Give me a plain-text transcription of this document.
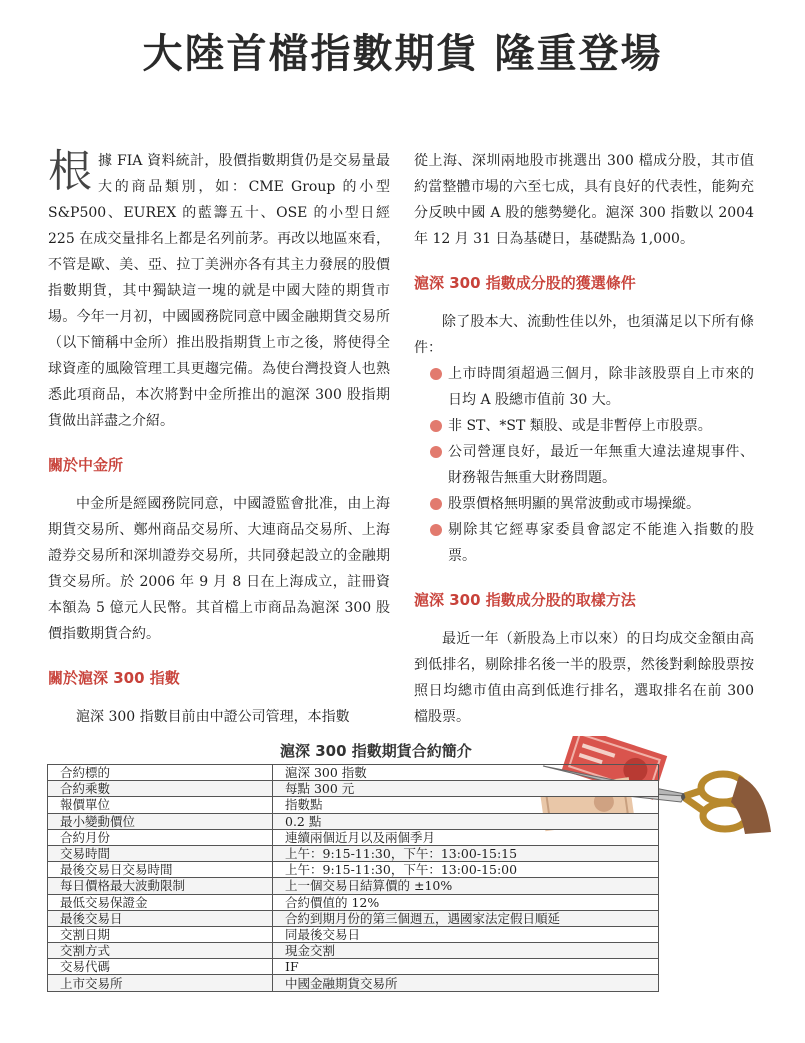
大陸首檔指數期貨 隆重登場

根據 FIA 資料統計，股價指數期貨仍是交易量最大的商品類別，如：CME Group 的小型 S&P500、EUREX 的藍籌五十、OSE 的小型日經 225 在成交量排名上都是名列前茅。再改以地區來看，不管是歐、美、亞、拉丁美洲亦各有其主力發展的股價指數期貨，其中獨缺這一塊的就是中國大陸的期貨市場。今年一月初，中國國務院同意中國金融期貨交易所（以下簡稱中金所）推出股指期貨上市之後，將使得全球資產的風險管理工具更趨完備。為使台灣投資人也熟悉此項商品，本次將對中金所推出的滬深 300 股指期貨做出詳盡之介紹。

關於中金所

中金所是經國務院同意，中國證監會批准，由上海期貨交易所、鄭州商品交易所、大連商品交易所、上海證券交易所和深圳證券交易所，共同發起設立的金融期貨交易所。於 2006 年 9 月 8 日在上海成立，註冊資本額為 5 億元人民幣。其首檔上市商品為滬深 300 股價指數期貨合約。

關於滬深 300 指數

滬深 300 指數目前由中證公司管理，本指數

從上海、深圳兩地股市挑選出 300 檔成分股，其市值約當整體市場的六至七成，具有良好的代表性，能夠充分反映中國 A 股的態勢變化。滬深 300 指數以 2004 年 12 月 31 日為基礎日，基礎點為 1,000。

滬深 300 指數成分股的獲選條件

除了股本大、流動性佳以外，也須滿足以下所有條件：

上市時間須超過三個月，除非該股票自上市來的日均 A 股總市值前 30 大。
非 ST、*ST 類股、或是非暫停上市股票。
公司營運良好，最近一年無重大違法違規事件、財務報告無重大財務問題。
股票價格無明顯的異常波動或市場操縱。
剔除其它經專家委員會認定不能進入指數的股票。
滬深 300 指數成分股的取樣方法

最近一年（新股為上市以來）的日均成交金額由高到低排名，剔除排名後一半的股票，然後對剩餘股票按照日均總市值由高到低進行排名，選取排名在前 300 檔股票。

滬深 300 指數期貨合約簡介
合約標的	滬深 300 指數
合約乘數	每點 300 元
報價單位	指數點
最小變動價位	0.2 點
合約月份	連續兩個近月以及兩個季月
交易時間	上午：9:15-11:30，下午：13:00-15:15
最後交易日交易時間	上午：9:15-11:30，下午：13:00-15:00
每日價格最大波動限制	上一個交易日結算價的 ±10%
最低交易保證金	合約價值的 12%
最後交易日	合約到期月份的第三個週五，遇國家法定假日順延
交割日期	同最後交易日
交割方式	現金交割
交易代碼	IF
上市交易所	中國金融期貨交易所
